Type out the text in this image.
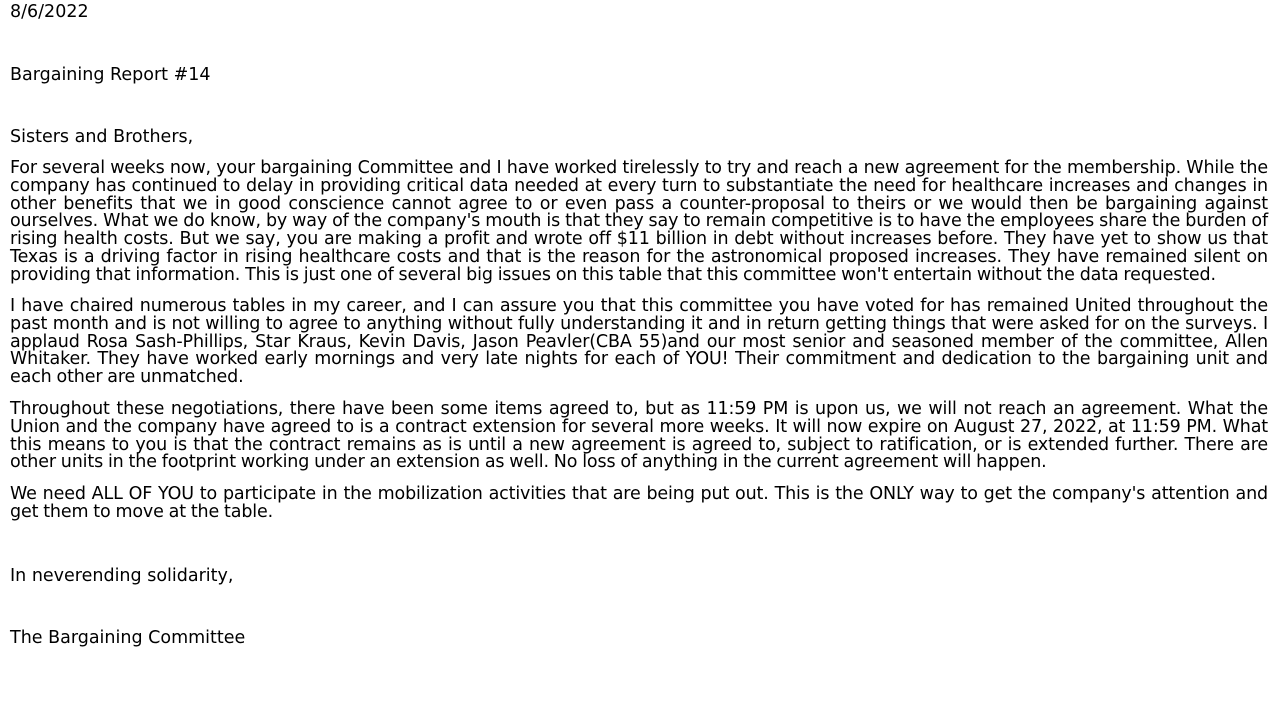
8/6/2022

Bargaining Report #14

Sisters and Brothers,

For several weeks now, your bargaining Committee and I have worked tirelessly to try and reach a new agreement for the membership. While the company has continued to delay in providing critical data needed at every turn to substantiate the need for healthcare increases and changes in other benefits that we in good conscience cannot agree to or even pass a counter-proposal to theirs or we would then be bargaining against ourselves. What we do know, by way of the company's mouth is that they say to remain competitive is to have the employees share the burden of rising health costs. But we say, you are making a profit and wrote off $11 billion in debt without increases before. They have yet to show us that Texas is a driving factor in rising healthcare costs and that is the reason for the astronomical proposed increases. They have remained silent on providing that information. This is just one of several big issues on this table that this committee won't entertain without the data requested.

I have chaired numerous tables in my career, and I can assure you that this committee you have voted for has remained United throughout the past month and is not willing to agree to anything without fully understanding it and in return getting things that were asked for on the surveys. I applaud Rosa Sash-Phillips, Star Kraus, Kevin Davis, Jason Peavler(CBA 55)and our most senior and seasoned member of the committee, Allen Whitaker. They have worked early mornings and very late nights for each of YOU! Their commitment and dedication to the bargaining unit and each other are unmatched.

Throughout these negotiations, there have been some items agreed to, but as 11:59 PM is upon us, we will not reach an agreement. What the Union and the company have agreed to is a contract extension for several more weeks. It will now expire on August 27, 2022, at 11:59 PM. What this means to you is that the contract remains as is until a new agreement is agreed to, subject to ratification, or is extended further. There are other units in the footprint working under an extension as well. No loss of anything in the current agreement will happen.

We need ALL OF YOU to participate in the mobilization activities that are being put out. This is the ONLY way to get the company's attention and get them to move at the table.

In neverending solidarity,

The Bargaining Committee
